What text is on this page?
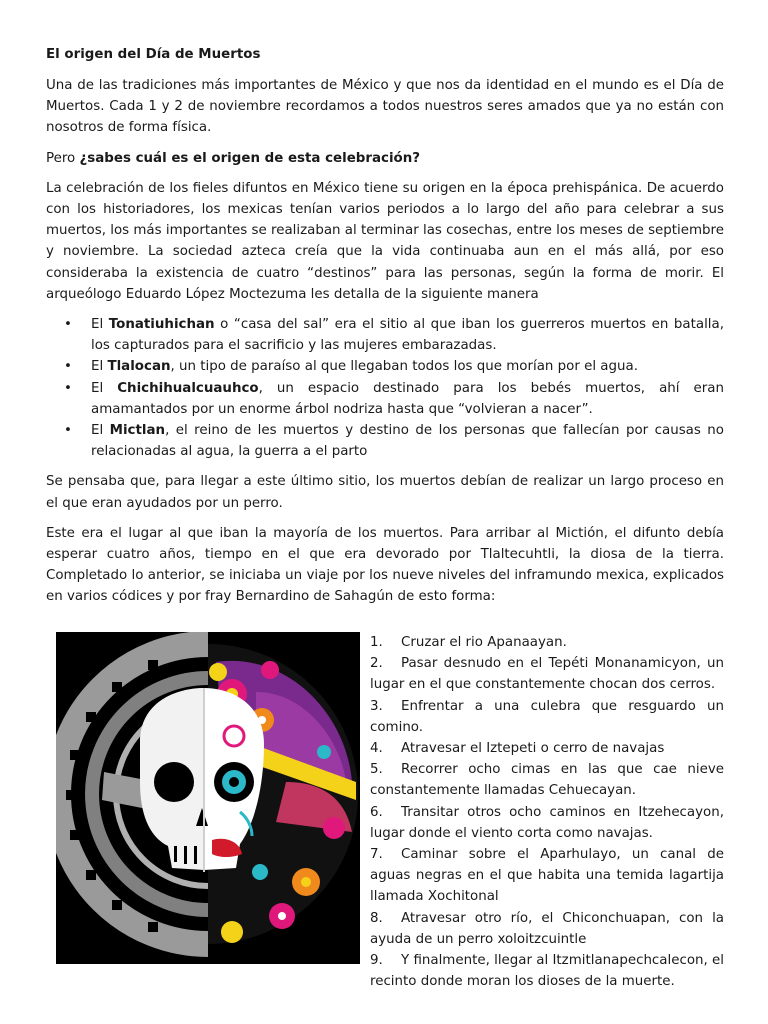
El origen del Día de Muertos

Una de las tradiciones más importantes de México y que nos da identidad en el mundo es el Día de Muertos. Cada 1 y 2 de noviembre recordamos a todos nuestros seres amados que ya no están con nosotros de forma física.

Pero ¿sabes cuál es el origen de esta celebración?

La celebración de los fieles difuntos en México tiene su origen en la época prehispánica. De acuerdo con los historiadores, los mexicas tenían varios periodos a lo largo del año para celebrar a sus muertos, los más importantes se realizaban al terminar las cosechas, entre los meses de septiembre y noviembre. La sociedad azteca creía que la vida continuaba aun en el más allá, por eso consideraba la existencia de cuatro “destinos” para las personas, según la forma de morir. El arqueólogo Eduardo López Moctezuma les detalla de la siguiente manera

• El Tonatiuhichan o “casa del sal” era el sitio al que iban los guerreros muertos en batalla, los capturados para el sacrificio y las mujeres embarazadas.
• El Tlalocan, un tipo de paraíso al que llegaban todos los que morían por el agua.
• El Chichihualcuauhco, un espacio destinado para los bebés muertos, ahí eran amamantados por un enorme árbol nodriza hasta que “volvieran a nacer”.
• El Mictlan, el reino de les muertos y destino de los personas que fallecían por causas no relacionadas al agua, la guerra a el parto

Se pensaba que, para llegar a este último sitio, los muertos debían de realizar un largo proceso en el que eran ayudados por un perro.

Este era el lugar al que iban la mayoría de los muertos. Para arribar al Mictión, el difunto debía esperar cuatro años, tiempo en el que era devorado por Tlaltecuhtli, la diosa de la tierra. Completado lo anterior, se iniciaba un viaje por los nueve niveles del inframundo mexica, explicados en varios códices y por fray Bernardino de Sahagún de esto forma:

1. Cruzar el rio Apanaayan.

2. Pasar desnudo en el Tepéti Monanamicyon, un lugar en el que constantemente chocan dos cerros.

3. Enfrentar a una culebra que resguardo un comino.

4. Atravesar el Iztepeti o cerro de navajas

5. Recorrer ocho cimas en las que cae nieve constantemente llamadas Cehuecayan.

6. Transitar otros ocho caminos en Itzehecayon, lugar donde el viento corta como navajas.

7. Caminar sobre el Aparhulayo, un canal de aguas negras en el que habita una temida lagartija llamada Xochitonal

8. Atravesar otro río, el Chiconchuapan, con la ayuda de un perro xoloitzcuintle

9. Y finalmente, llegar al Itzmitlanapechcalecon, el recinto donde moran los dioses de la muerte.
